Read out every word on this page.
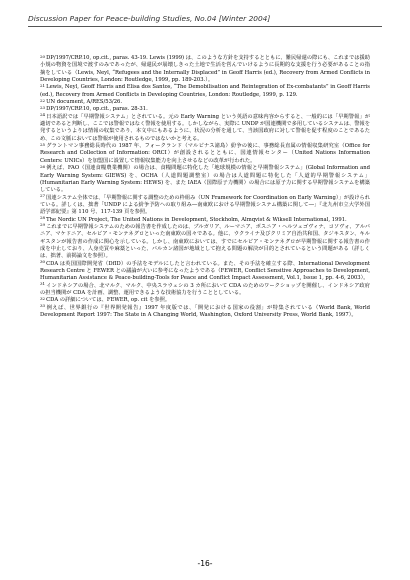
Discussion Paper for Peace-building Studies, No.04 [Winter 2004]

$^{20}$DP/1997/CRP.10, op.cit., paras. 43-19. Lewis (1999) は、このような方針を支持するとともに、難民帰還の際にも、これまでは援助小規の物資を国境で渡すのみであったが、帰還民が崩壊しきった土地で生活を営んでいけるように長期的な支援を行う必要があることの指摘をしている（Lewis, Neyl, “Refugees and the Internally Displaced” in Geoff Harris (ed.), Recovery from Armed Conflicts in Developing Countries, London: Routledge, 1999, pp. 189-203.）。

$^{21}$Lewis, Neyl, Geoff Harris and Elisa dos Santos, “The Demobilisation and Reintegration of Ex-combatants” in Geoff Harris (ed.), Recovery from Armed Conflicts in Developing Countries, London: Routledge, 1999, p. 129.

$^{22}$UN document, A/RES/53/26.

$^{23}$DP/1997/CRP.10, op.cit., paras. 28-31.

$^{24}$日本語訳では「早期警報システム」とされている。元の Early Warning という英語の意味内容からすると、一般的には「早期警報」が適切であると判断し、ここでは警報ではなく警報を使用する。しかしながら、実際に UNDP が国連機関で多用しているシステムは、警報を発するというよりは情報の収集であり、本文中にもあるように、状況の分析を通して、当該国政府に対して警報を促す程度のことであるため、この文脈においては警報が使用されるものではないかと考える。

$^{25}$グラントマン事務総長時代の 1987 年、フォークランド（マルビナス諸島）紛争の後に、事務総長直属の情報収集研究室（Office for Research and Collection of Information: ORCI）が創設されるとともに、国連情報センター（United Nations Information Centers: UNICs）を加盟国に設置して情報収集能力を向上させるなどの改革が行われた。

$^{26}$例えば、FAO（国連食糧農業機関）の場合は、食糧問題に特化した「地球規模の情報と早期警報システム」(Global Information and Early Warning System: GIEWS) を、OCHA（人道問題調整室）の場合は人道問題に特化した「人道的早期警報システム」(Humanitarian Early Warning System: HEWS) を、また IAEA（国際原子力機関）の場合には原子力に関する早期警報システムを構築している。

$^{27}$国連システム全体では、「早期警報に関する調整のための枠組み（UN Framework for Coordination on Early Warning）」が設けられている。詳しくは、拙著「UNDP による紛争予防への取り組み―南東欧における早期警報システム構築に関して―」『北九州市立大学外国語学部紀要』第 110 号、117-139 頁を参照。

$^{28}$The Nordic UN Project, The United Nations in Development, Stockholm, Almqvist & Wiksell International, 1991.

$^{29}$これまでに早期警報システムのための報告書を作成したのは、ブルガリア、ルーマニア、ボスニア・ヘルツェゴヴィナ、コソヴォ、アルバニア、マケドニア、セルビア・モンテネグロといった南東欧の国々である。他に、ウクライナ及びクリミア自治共和国、タジキスタン、キルギスタンが報告書の作成に関心を示している。しかし、南東欧においては、すでにセルビア・モンテネグロが早期警報に関する報告書の作成を中止しており、人身売買や麻薬といった、バルカン諸国が地域として抱える問題の解決が目的とされているという問題がある（詳しくは、拙著、前掲論文を参照）。

$^{30}$CDA は英国国際開発省（DfID）の手法をモデルにしたと言われている。また、その手法を確立する際、International Development Research Centre と FEWER との議論が大いに参考になったようである（FEWER, Conflict Sensitive Approaches to Development, Humanitarian Assistance & Peace-building-Tools for Peace and Conflict Impact Assessment, Vol.1, Issue 1, pp. 4-6, 2003）。

$^{31}$インドネシアの場合、北マルク、マルク、中央スラウェシの 3 カ所において CDA のためのワークショップを開催し、インドネシア政府の担当機関が CDA を計画、調整、運用できるような技術協力を行うこととしている。

$^{32}$CDA の詳細については、FEWER, op. cit を参照。

$^{33}$例えば、世界銀行の『世界開発報告』1997 年度版では、「開発における国家の役割」が特集されている（World Bank, World Development Report 1997: The State in A Changing World, Washington, Oxford University Press, World Bank, 1997）。

-16-
